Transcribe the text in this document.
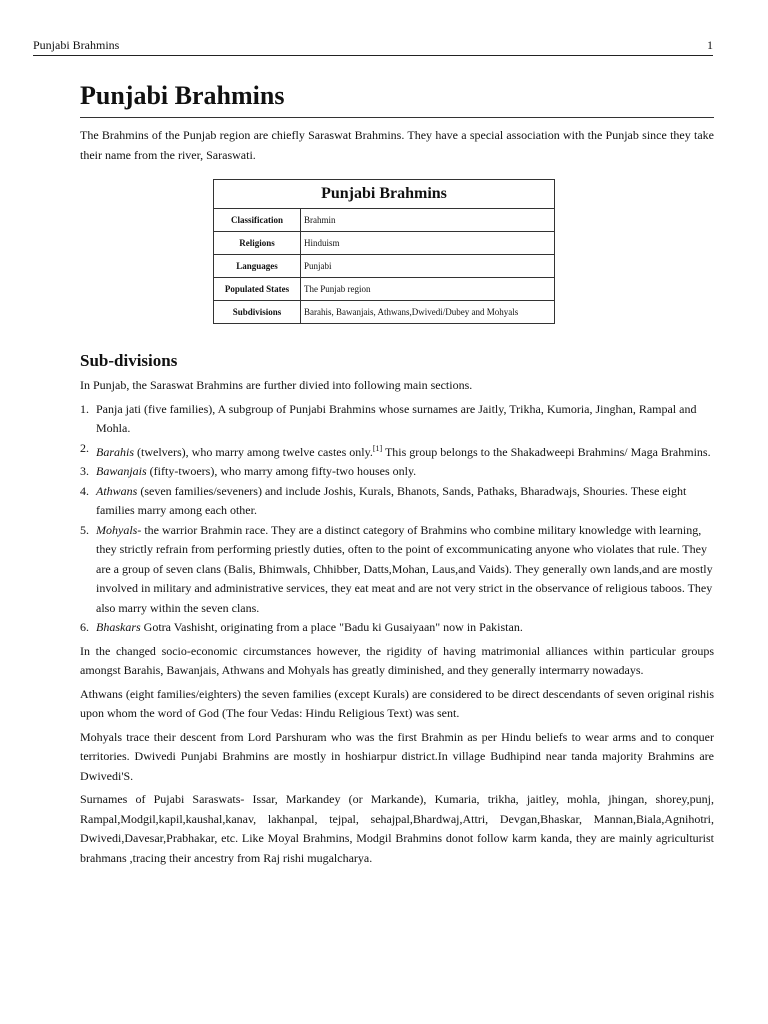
Punjabi Brahmins	1
Punjabi Brahmins

The Brahmins of the Punjab region are chiefly Saraswat Brahmins. They have a special association with the Punjab since they take their name from the river, Saraswati.

Punjabi Brahmins	
Classification	Brahmin
Religions	Hinduism
Languages	Punjabi
Populated States	The Punjab region
Subdivisions	Barahis, Bawanjais, Athwans,Dwivedi/Dubey and Mohyals
Sub-divisions

In Punjab, the Saraswat Brahmins are further divied into following main sections.

1. Panja jati (five families), A subgroup of Punjabi Brahmins whose surnames are Jaitly, Trikha, Kumoria, Jinghan, Rampal and Mohla.
2. Barahis (twelvers), who marry among twelve castes only.[1] This group belongs to the Shakadweepi Brahmins/ Maga Brahmins.
3. Bawanjais (fifty-twoers), who marry among fifty-two houses only.
4. Athwans (seven families/seveners) and include Joshis, Kurals, Bhanots, Sands, Pathaks, Bharadwajs, Shouries. These eight families marry among each other.
5. Mohyals- the warrior Brahmin race. They are a distinct category of Brahmins who combine military knowledge with learning, they strictly refrain from performing priestly duties, often to the point of excommunicating anyone who violates that rule. They are a group of seven clans (Balis, Bhimwals, Chhibber, Datts,Mohan, Laus,and Vaids). They generally own lands,and are mostly involved in military and administrative services, they eat meat and are not very strict in the observance of religious taboos. They also marry within the seven clans.
6. Bhaskars Gotra Vashisht, originating from a place "Badu ki Gusaiyaan" now in Pakistan.

In the changed socio-economic circumstances however, the rigidity of having matrimonial alliances within particular groups amongst Barahis, Bawanjais, Athwans and Mohyals has greatly diminished, and they generally intermarry nowadays.

Athwans (eight families/eighters) the seven families (except Kurals) are considered to be direct descendants of seven original rishis upon whom the word of God (The four Vedas: Hindu Religious Text) was sent.

Mohyals trace their descent from Lord Parshuram who was the first Brahmin as per Hindu beliefs to wear arms and to conquer territories. Dwivedi Punjabi Brahmins are mostly in hoshiarpur district.In village Budhipind near tanda majority Brahmins are Dwivedi'S.

Surnames of Pujabi Saraswats- Issar, Markandey (or Markande), Kumaria, trikha, jaitley, mohla, jhingan, shorey,punj, Rampal,Modgil,kapil,kaushal,kanav, lakhanpal, tejpal, sehajpal,Bhardwaj,Attri, Devgan,Bhaskar, Mannan,Biala,Agnihotri, Dwivedi,Davesar,Prabhakar, etc. Like Moyal Brahmins, Modgil Brahmins donot follow karm kanda, they are mainly agriculturist brahmans ,tracing their ancestry from Raj rishi mugalcharya.
